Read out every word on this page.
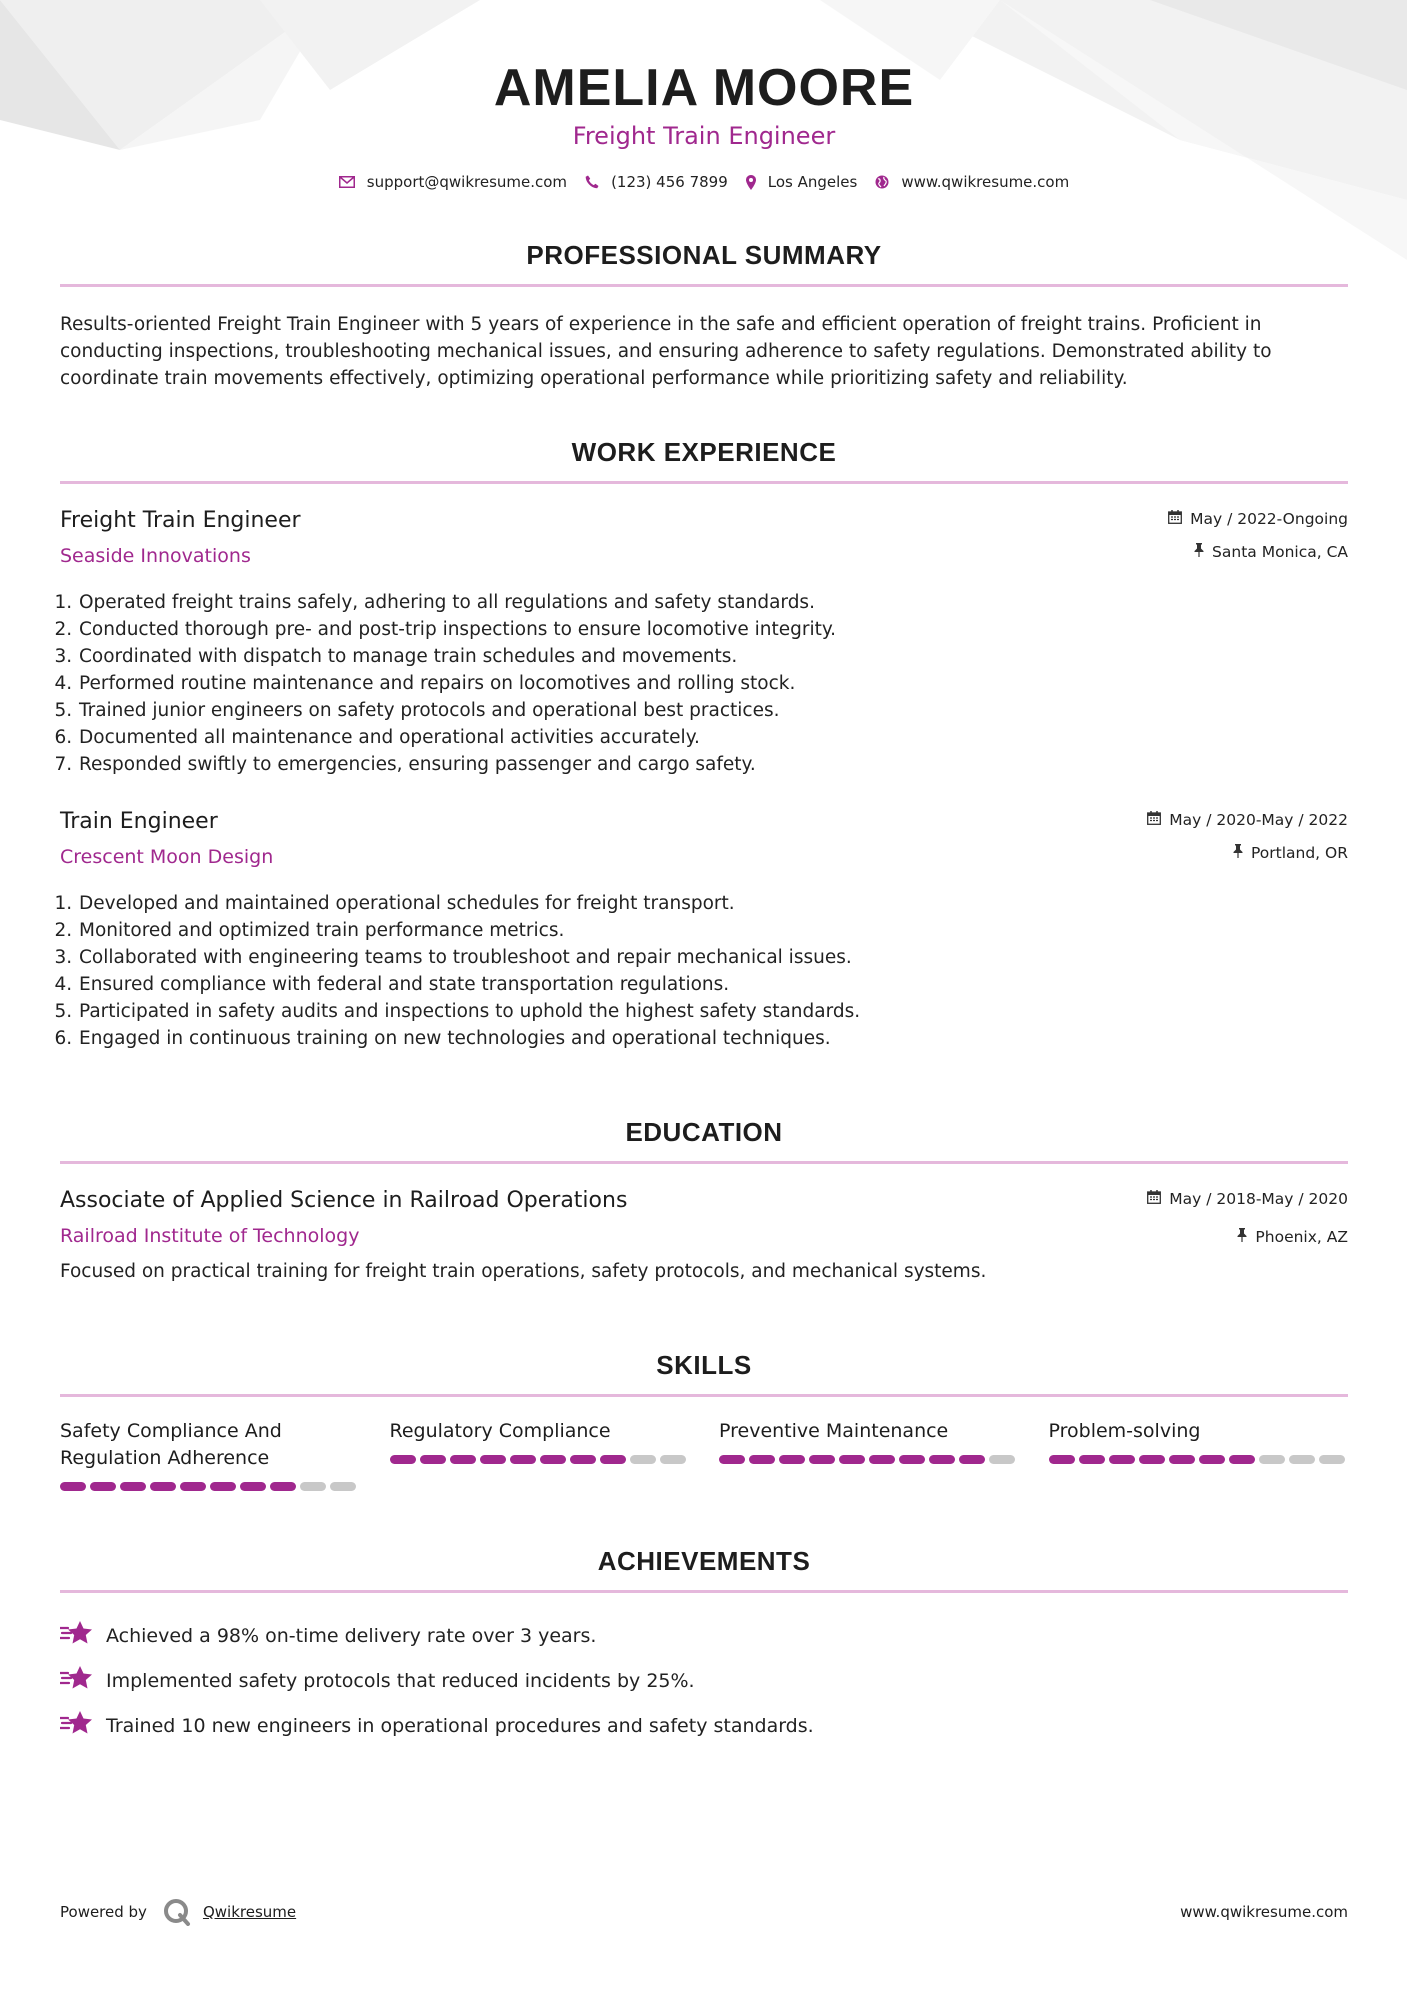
AMELIA MOORE

Freight Train Engineer

support@qwikresume.com	(123) 456 7899	Los Angeles	www.qwikresume.com
PROFESSIONAL SUMMARY

Results-oriented Freight Train Engineer with 5 years of experience in the safe and efficient operation of freight trains. Proficient in conducting inspections, troubleshooting mechanical issues, and ensuring adherence to safety regulations. Demonstrated ability to coordinate train movements effectively, optimizing operational performance while prioritizing safety and reliability.

WORK EXPERIENCE

Freight Train Engineer

Seaside Innovations

May / 2022-Ongoing
Santa Monica, CA
1. Operated freight trains safely, adhering to all regulations and safety standards.
2. Conducted thorough pre- and post-trip inspections to ensure locomotive integrity.
3. Coordinated with dispatch to manage train schedules and movements.
4. Performed routine maintenance and repairs on locomotives and rolling stock.
5. Trained junior engineers on safety protocols and operational best practices.
6. Documented all maintenance and operational activities accurately.
7. Responded swiftly to emergencies, ensuring passenger and cargo safety.

Train Engineer

Crescent Moon Design

May / 2020-May / 2022
Portland, OR
1. Developed and maintained operational schedules for freight transport.
2. Monitored and optimized train performance metrics.
3. Collaborated with engineering teams to troubleshoot and repair mechanical issues.
4. Ensured compliance with federal and state transportation regulations.
5. Participated in safety audits and inspections to uphold the highest safety standards.
6. Engaged in continuous training on new technologies and operational techniques.
EDUCATION

Associate of Applied Science in Railroad Operations

Railroad Institute of Technology

May / 2018-May / 2020
Phoenix, AZ

Focused on practical training for freight train operations, safety protocols, and mechanical systems.

SKILLS

Safety Compliance And Regulation Adherence

Regulatory Compliance	Preventive Maintenance	Problem-solving

ACHIEVEMENTS
Achieved a 98% on-time delivery rate over 3 years.
Implemented safety protocols that reduced incidents by 25%.
Trained 10 new engineers in operational procedures and safety standards.
Powered by	Qwikresume	www.qwikresume.com
